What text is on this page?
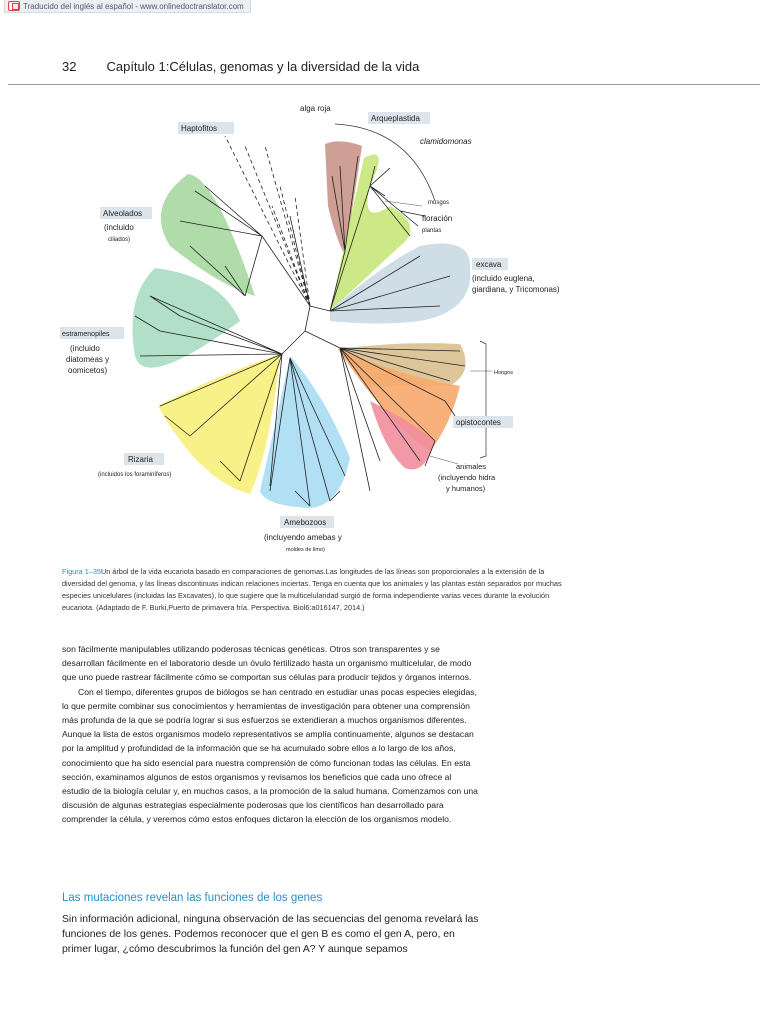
Traducido del inglés al español - www.onlinedoctranslator.com
32 Capítulo 1:Células, genomas y la diversidad de la vida
alga roja
Arqueplastida
Haptofitos
clamidomonas
musgos
floración
plantas
Alveolados
(incluido
ciliados)
excava
(incluido euglena,
giardiana, y Tricomonas)
estramenopiles
(incluido
diatomeas y
oomicetos)	Hongos
opistocontes
Rizaria
(incluidos los foraminíferos)
animales
(incluyendo hidra
y humanos)
Amebozoos
(incluyendo amebas y
moldes de limo)
Figura 1–35Un árbol de la vida eucariota basado en comparaciones de genomas.Las longitudes de las líneas son proporcionales a la extensión de la diversidad del genoma, y las líneas discontinuas indican relaciones inciertas. Tenga en cuenta que los animales y las plantas están separados por muchas especies unicelulares (incluidas las Excavates), lo que sugiere que la multicelularidad surgió de forma independiente varias veces durante la evolución eucariota. (Adaptado de F. Burki,Puerto de primavera fría. Perspectiva. Biol6:a016147, 2014.)

son fácilmente manipulables utilizando poderosas técnicas genéticas. Otros son transparentes y se desarrollan fácilmente en el laboratorio desde un óvulo fertilizado hasta un organismo multicelular, de modo que uno puede rastrear fácilmente cómo se comportan sus células para producir tejidos y órganos internos.

Con el tiempo, diferentes grupos de biólogos se han centrado en estudiar unas pocas especies elegidas, lo que permite combinar sus conocimientos y herramientas de investigación para obtener una comprensión más profunda de la que se podría lograr si sus esfuerzos se extendieran a muchos organismos diferentes. Aunque la lista de estos organismos modelo representativos se amplía continuamente, algunos se destacan por la amplitud y profundidad de la información que se ha acumulado sobre ellos a lo largo de los años, conocimiento que ha sido esencial para nuestra comprensión de cómo funcionan todas las células. En esta sección, examinamos algunos de estos organismos y revisamos los beneficios que cada uno ofrece al estudio de la biología celular y, en muchos casos, a la promoción de la salud humana. Comenzamos con una discusión de algunas estrategias especialmente poderosas que los científicos han desarrollado para comprender la célula, y veremos cómo estos enfoques dictaron la elección de los organismos modelo.

Las mutaciones revelan las funciones de los genes
Sin información adicional, ninguna observación de las secuencias del genoma revelará las funciones de los genes. Podemos reconocer que el gen B es como el gen A, pero, en primer lugar, ¿cómo descubrimos la función del gen A? Y aunque sepamos
